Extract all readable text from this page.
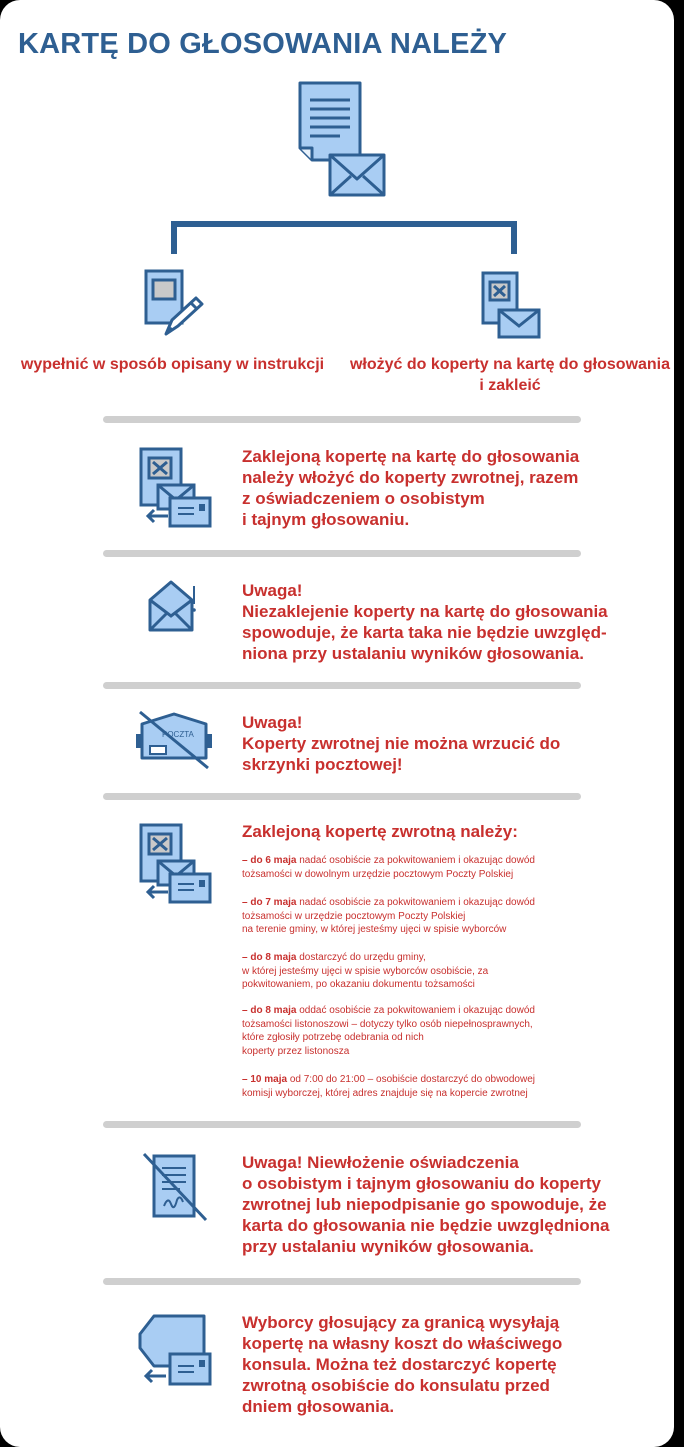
KARTĘ DO GŁOSOWANIA NALEŻY
wypełnić w sposób opisany w instrukcji	włożyć do koperty na kartę do głosowania
i zakleić
Zaklejoną kopertę na kartę do głosowania
należy włożyć do koperty zwrotnej, razem
z oświadczeniem o osobistym
i tajnym głosowaniu.
Uwaga!
Niezaklejenie koperty na kartę do głosowania
spowoduje, że karta taka nie będzie uwzględ-
niona przy ustalaniu wyników głosowania.
POCZTA
Uwaga!
Koperty zwrotnej nie można wrzucić do
skrzynki pocztowej!
Zaklejoną kopertę zwrotną należy:
– do 6 maja nadać osobiście za pokwitowaniem i okazując dowód
tożsamości w dowolnym urzędzie pocztowym Poczty Polskiej
– do 7 maja nadać osobiście za pokwitowaniem i okazując dowód
tożsamości w urzędzie pocztowym Poczty Polskiej
na terenie gminy, w której jesteśmy ujęci w spisie wyborców
– do 8 maja dostarczyć do urzędu gminy,
w której jesteśmy ujęci w spisie wyborców osobiście, za
pokwitowaniem, po okazaniu dokumentu tożsamości
– do 8 maja oddać osobiście za pokwitowaniem i okazując dowód
tożsamości listonoszowi – dotyczy tylko osób niepełnosprawnych,
które zgłosiły potrzebę odebrania od nich
koperty przez listonosza
– 10 maja od 7:00 do 21:00 – osobiście dostarczyć do obwodowej
komisji wyborczej, której adres znajduje się na kopercie zwrotnej
Uwaga! Niewłożenie oświadczenia
o osobistym i tajnym głosowaniu do koperty
zwrotnej lub niepodpisanie go spowoduje, że
karta do głosowania nie będzie uwzględniona
przy ustalaniu wyników głosowania.
Wyborcy głosujący za granicą wysyłają
kopertę na własny koszt do właściwego
konsula. Można też dostarczyć kopertę
zwrotną osobiście do konsulatu przed
dniem głosowania.
